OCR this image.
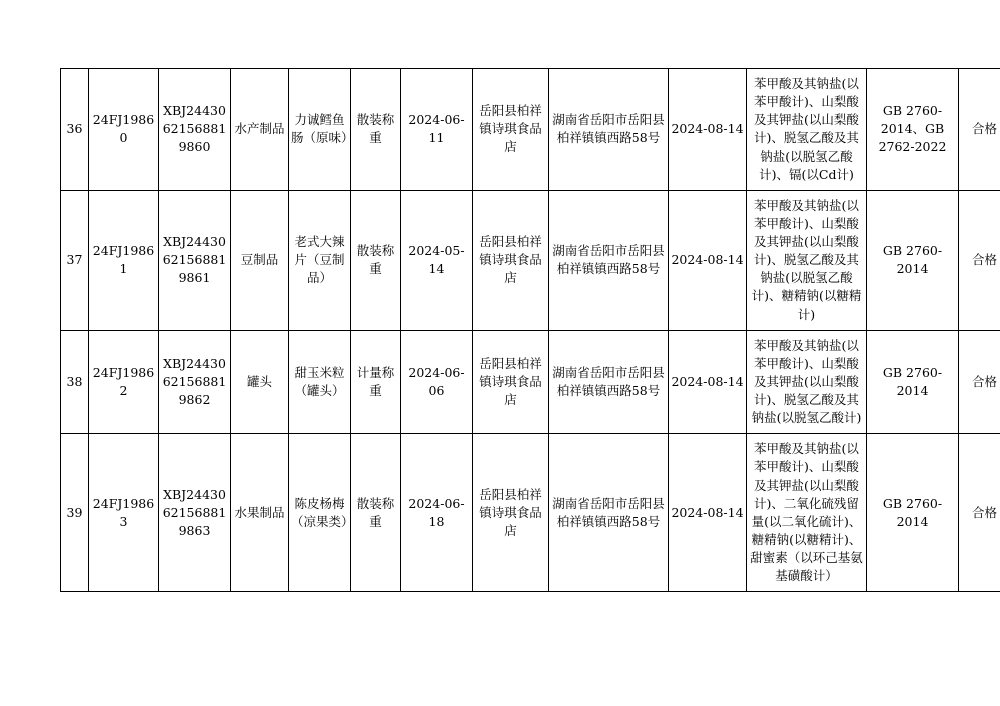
36	24FJ19860	XBJ24430621568819860	水产制品	力诚鳕鱼肠（原味）	散装称重	2024-06-11	岳阳县柏祥镇诗琪食品店	湖南省岳阳市岳阳县柏祥镇镇西路58号	2024-08-14	苯甲酸及其钠盐(以苯甲酸计)、山梨酸及其钾盐(以山梨酸计)、脱氢乙酸及其钠盐(以脱氢乙酸计)、镉(以Cd计)	GB 2760-2014、GB 2762-2022	合格
37	24FJ19861	XBJ24430621568819861	豆制品	老式大辣片（豆制品）	散装称重	2024-05-14	岳阳县柏祥镇诗琪食品店	湖南省岳阳市岳阳县柏祥镇镇西路58号	2024-08-14	苯甲酸及其钠盐(以苯甲酸计)、山梨酸及其钾盐(以山梨酸计)、脱氢乙酸及其钠盐(以脱氢乙酸计)、糖精钠(以糖精计)	GB 2760-2014	合格
38	24FJ19862	XBJ24430621568819862	罐头	甜玉米粒（罐头）	计量称重	2024-06-06	岳阳县柏祥镇诗琪食品店	湖南省岳阳市岳阳县柏祥镇镇西路58号	2024-08-14	苯甲酸及其钠盐(以苯甲酸计)、山梨酸及其钾盐(以山梨酸计)、脱氢乙酸及其钠盐(以脱氢乙酸计)	GB 2760-2014	合格
39	24FJ19863	XBJ24430621568819863	水果制品	陈皮杨梅（凉果类）	散装称重	2024-06-18	岳阳县柏祥镇诗琪食品店	湖南省岳阳市岳阳县柏祥镇镇西路58号	2024-08-14	苯甲酸及其钠盐(以苯甲酸计)、山梨酸及其钾盐(以山梨酸计)、二氧化硫残留量(以二氧化硫计)、糖精钠(以糖精计)、甜蜜素（以环己基氨基磺酸计）	GB 2760-2014	合格
